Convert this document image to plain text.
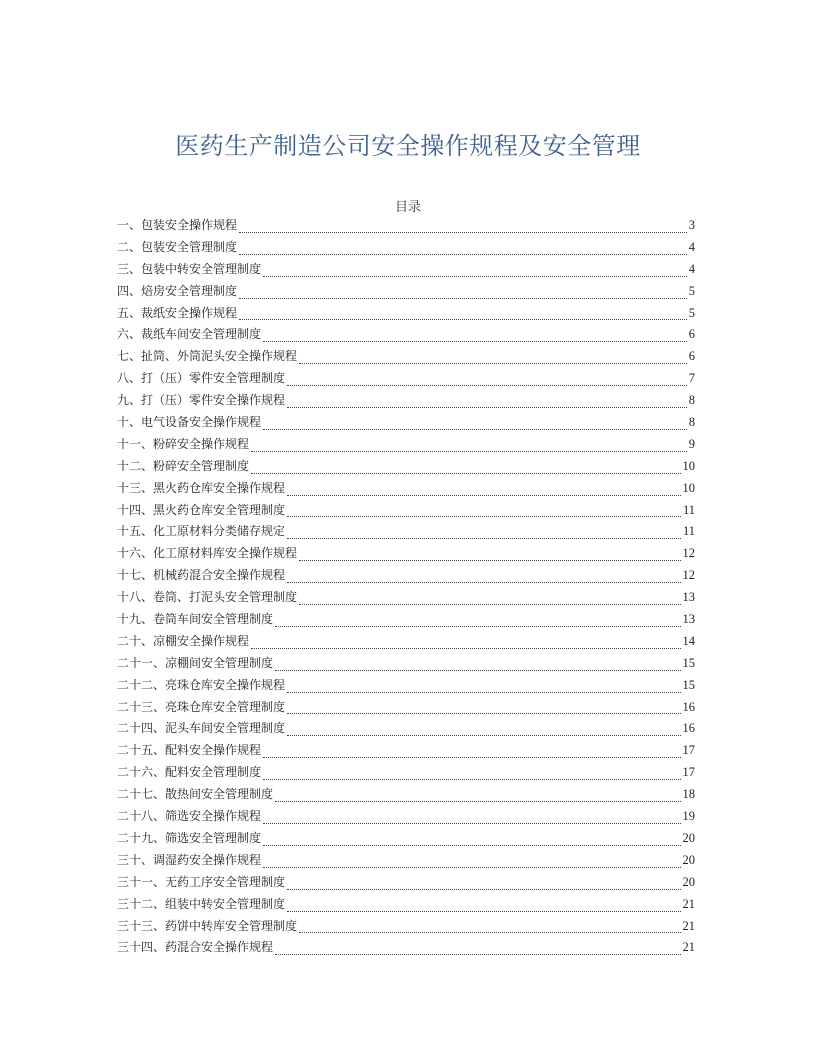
医药生产制造公司安全操作规程及安全管理
目录
一、包装安全操作规程	3
二、包装安全管理制度	4
三、包装中转安全管理制度	4
四、焙房安全管理制度	5
五、裁纸安全操作规程	5
六、裁纸车间安全管理制度	6
七、扯筒、外筒泥头安全操作规程	6
八、打（压）零件安全管理制度	7
九、打（压）零件安全操作规程	8
十、电气设备安全操作规程	8
十一、粉碎安全操作规程	9
十二、粉碎安全管理制度	10
十三、黑火药仓库安全操作规程	10
十四、黑火药仓库安全管理制度	11
十五、化工原材料分类储存规定	11
十六、化工原材料库安全操作规程	12
十七、机械药混合安全操作规程	12
十八、卷筒、打泥头安全管理制度	13
十九、卷筒车间安全管理制度	13
二十、凉棚安全操作规程	14
二十一、凉棚间安全管理制度	15
二十二、亮珠仓库安全操作规程	15
二十三、亮珠仓库安全管理制度	16
二十四、泥头车间安全管理制度	16
二十五、配料安全操作规程	17
二十六、配料安全管理制度	17
二十七、散热间安全管理制度	18
二十八、筛选安全操作规程	19
二十九、筛选安全管理制度	20
三十、调湿药安全操作规程	20
三十一、无药工序安全管理制度	20
三十二、组装中转安全管理制度	21
三十三、药饼中转库安全管理制度	21
三十四、药混合安全操作规程	21
